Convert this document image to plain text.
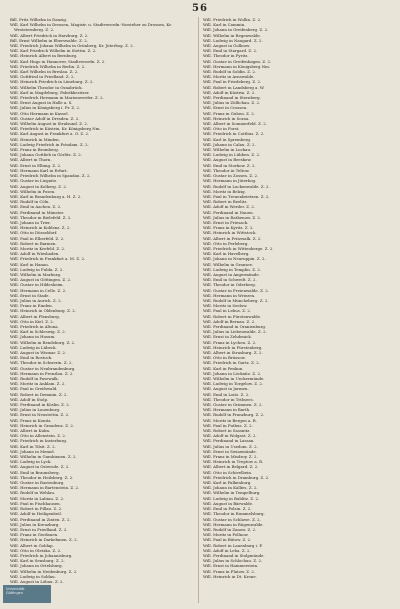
56

Bill. Fritz Wilhelm in Danzig.

Will. Karl Wilhelm in Drossen, Magistr. u. Stadtverordn.-Vorsteher zu Drossen, Kr. Weststernberg. Z. 2.

Will. Albert Friedrich in Harzburg. Z. 2.

Bill. Ernst Wilhelm in Eberswalde. Z. 2.

Will. Friedrich Johann Wilhelm in Grünberg, Kr. Jüterbog. Z. 2.

Will. Karl Friedrich Wilhelm in Stettin. Z. 2.

Will. Heinrich Albert in Bernburg.

Will. Karl Hugo in Hannover, Stadtverordn. Z. 2.

Will. Friedrich Wilhelm in Berlin. Z. 2.

Will. Karl Wilhelm in Breslau. Z. 2.

Will. Gottfried in Friedland. Z. 2.

Will. Heinrich Friedrich in Lüneburg. Z. 2.

Will. Wilhelm Theodor in Osnabrück.

Will. Karl in Magdeburg, Fabrikbesitzer.

Will. Friedrich Hermann in Marienwerder. Z. 2.

Will. Ernst August in Halle a. S.

Will. Julius in Königsberg i. Pr. Z. 2.

Will. Otto Hermann in Kassel.

Will. Gustav Adolf in Dresden. Z. 2.

Will. Wilhelm August in Stralsund. Z. 2.

Will. Friedrich in Küstrin, Kr. Königsberg Nm.

Will. Karl August in Frankfurt a. O. Z. 2.

Will. Heinrich in Minden.

Will. Ludwig Friedrich in Potsdam. Z. 2.

Will. Franz in Bromberg.

Will. Johann Gottlieb in Görlitz. Z. 2.

Will. Albert in Thorn.

Will. Ernst in Elbing. Z. 2.

Will. Hermann Karl in Erfurt.

Will. Friedrich Wilhelm in Spandau. Z. 2.

Will. Gustav in Liegnitz.

Will. August in Kolberg. Z. 2.

Will. Wilhelm in Posen.

Will. Karl in Brandenburg a. H. Z. 2.

Will. Rudolf in Cöln.

Will. Emil in Aachen. Z. 2.

Will. Ferdinand in Münster.

Will. Theodor in Bielefeld. Z. 2.

Will. Johann in Trier.

Will. Heinrich in Koblenz. Z. 2.

Will. Otto in Düsseldorf.

Will. Paul in Elberfeld. Z. 2.

Will. Robert in Barmen.

Will. Moritz in Krefeld. Z. 2.

Will. Adolf in Wiesbaden.

Will. Friedrich in Frankfurt a. M. Z. 2.

Will. Karl in Hanau.

Will. Ludwig in Fulda. Z. 2.

Will. Wilhelm in Marburg.

Will. August in Göttingen. Z. 2.

Will. Gustav in Hildesheim.

Will. Hermann in Celle. Z. 2.

Will. Ernst in Stade.

Will. Julius in Aurich. Z. 2.

Will. Franz in Emden.

Will. Heinrich in Oldenburg. Z. 2.

Will. Albert in Flensburg.

Will. Otto in Kiel. Z. 2.

Will. Friedrich in Altona.

Will. Karl in Schleswig. Z. 2.

Will. Johann in Husum.

Will. Wilhelm in Rendsburg. Z. 2.

Will. Ludwig in Lübeck.

Will. August in Wismar. Z. 2.

Will. Emil in Rostock.

Will. Theodor in Schwerin. Z. 2.

Will. Gustav in Neubrandenburg.

Will. Hermann in Prenzlau. Z. 2.

Will. Rudolf in Pasewalk.

Will. Moritz in Anklam. Z. 2.

Will. Paul in Greifswald.

Will. Robert in Demmin. Z. 2.

Will. Adolf in Stolp.

Will. Ferdinand in Köslin. Z. 2.

Will. Julius in Lauenburg.

Will. Ernst in Neustettin. Z. 2.

Will. Franz in Konitz.

Will. Heinrich in Graudenz. Z. 2.

Will. Albert in Kulm.

Will. Otto in Allenstein. Z. 2.

Will. Friedrich in Insterburg.

Will. Karl in Tilsit. Z. 2.

Will. Johann in Memel.

Will. Wilhelm in Gumbinnen. Z. 2.

Will. Ludwig in Lyck.

Will. August in Osterode. Z. 2.

Will. Emil in Braunsberg.

Will. Theodor in Heilsberg. Z. 2.

Will. Gustav in Rastenburg.

Will. Hermann in Bartenstein. Z. 2.

Will. Rudolf in Wehlau.

Will. Moritz in Labiau. Z. 2.

Will. Paul in Fischhausen.

Will. Robert in Pillau. Z. 2.

Will. Adolf in Heiligenbeil.

Will. Ferdinand in Zinten. Z. 2.

Will. Julius in Kreuzburg.

Will. Ernst in Friedland. Z. 2.

Will. Franz in Gerdauen.

Will. Heinrich in Darkehmen. Z. 2.

Will. Albert in Goldap.

Will. Otto in Oletzko. Z. 2.

Will. Friedrich in Johannisburg.

Will. Karl in Sensburg. Z. 2.

Will. Johann in Ortelsburg.

Will. Wilhelm in Neidenburg. Z. 2.

Will. Ludwig in Soldau.

Will. August in Löbau. Z. 2.

Will. Friedrich in Wollin. Z. 2.

Will. Karl in Cammin.

Will. Johann in Greifenberg. Z. 2.

Will. Wilhelm in Regenwalde.

Will. Ludwig in Naugard. Z. 2.

Will. August in Gollnow.

Will. Emil in Stargard. Z. 2.

Will. Theodor in Pyritz.

Will. Gustav in Greifenhagen. Z. 2.

Will. Hermann in Königsberg Nm.

Will. Rudolf in Soldin. Z. 2.

Will. Moritz in Arnswalde.

Will. Paul in Friedeberg. Z. 2.

Will. Robert in Landsberg a. W.

Will. Adolf in Küstrin. Z. 2.

Will. Ferdinand in Sternberg.

Will. Julius in Züllichau. Z. 2.

Will. Ernst in Crossen.

Will. Franz in Guben. Z. 2.

Will. Heinrich in Sorau.

Will. Albert in Sommerfeld. Z. 2.

Will. Otto in Forst.

Will. Friedrich in Cottbus. Z. 2.

Will. Karl in Spremberg.

Will. Johann in Calau. Z. 2.

Will. Wilhelm in Luckau.

Will. Ludwig in Lübben. Z. 2.

Will. August in Beeskow.

Will. Emil in Storkow. Z. 2.

Will. Theodor in Teltow.

Will. Gustav in Zossen. Z. 2.

Will. Hermann in Jüterbog.

Will. Rudolf in Luckenwalde. Z. 2.

Will. Moritz in Belzig.

Will. Paul in Treuenbrietzen. Z. 2.

Will. Robert in Beelitz.

Will. Adolf in Werder. Z. 2.

Will. Ferdinand in Nauen.

Will. Julius in Rathenow. Z. 2.

Will. Ernst in Friesack.

Will. Franz in Kyritz. Z. 2.

Will. Heinrich in Wittstock.

Will. Albert in Pritzwalk. Z. 2.

Will. Otto in Perleberg.

Will. Friedrich in Wittenberge. Z. 2.

Will. Karl in Havelberg.

Will. Johann in Neuruppin. Z. 2.

Will. Wilhelm in Gransee.

Will. Ludwig in Templin. Z. 2.

Will. August in Angermünde.

Will. Emil in Schwedt. Z. 2.

Will. Theodor in Oderberg.

Will. Gustav in Freienwalde. Z. 2.

Will. Hermann in Wriezen.

Will. Rudolf in Müncheberg. Z. 2.

Will. Moritz in Seelow.

Will. Paul in Lebus. Z. 2.

Will. Robert in Fürstenwalde.

Will. Adolf in Bernau. Z. 2.

Will. Ferdinand in Oranienburg.

Will. Julius in Liebenwalde. Z. 2.

Will. Ernst in Zehdenick.

Will. Franz in Lychen. Z. 2.

Will. Heinrich in Fürstenberg.

Will. Albert in Strasburg. Z. 2.

Will. Otto in Brüssow.

Will. Friedrich in Gartz. Z. 2.

Will. Karl in Penkun.

Will. Johann in Löcknitz. Z. 2.

Will. Wilhelm in Ueckermünde.

Will. Ludwig in Torgelow. Z. 2.

Will. August in Jarmen.

Will. Emil in Loitz. Z. 2.

Will. Theodor in Tribsees.

Will. Gustav in Grimmen. Z. 2.

Will. Hermann in Barth.

Will. Rudolf in Franzburg. Z. 2.

Will. Moritz in Bergen a. R.

Will. Paul in Putbus. Z. 2.

Will. Robert in Sassnitz.

Will. Adolf in Wolgast. Z. 2.

Will. Ferdinand in Lassan.

Will. Julius in Usedom. Z. 2.

Will. Ernst in Swinemünde.

Will. Franz in Misdroy. Z. 2.

Will. Heinrich in Treptow a. R.

Will. Albert in Belgard. Z. 2.

Will. Otto in Schivelbein.

Will. Friedrich in Dramburg. Z. 2.

Will. Karl in Falkenburg.

Will. Johann in Kallies. Z. 2.

Will. Wilhelm in Tempelburg.

Will. Ludwig in Bublitz. Z. 2.

Will. August in Bärwalde.

Will. Emil in Polzin. Z. 2.

Will. Theodor in Rummelsburg.

Will. Gustav in Schlawe. Z. 2.

Will. Hermann in Rügenwalde.

Will. Rudolf in Zanow. Z. 2.

Will. Moritz in Pollnow.

Will. Paul in Bütow. Z. 2.

Will. Robert in Lauenburg i. P.

Will. Adolf in Leba. Z. 2.

Will. Ferdinand in Stolpmünde.

Will. Julius in Schlochau. Z. 2.

Will. Ernst in Hammerstein.

Will. Franz in Flatow. Z. 2.

Will. Heinrich in Dt. Krone.

Universität
Göttingen
